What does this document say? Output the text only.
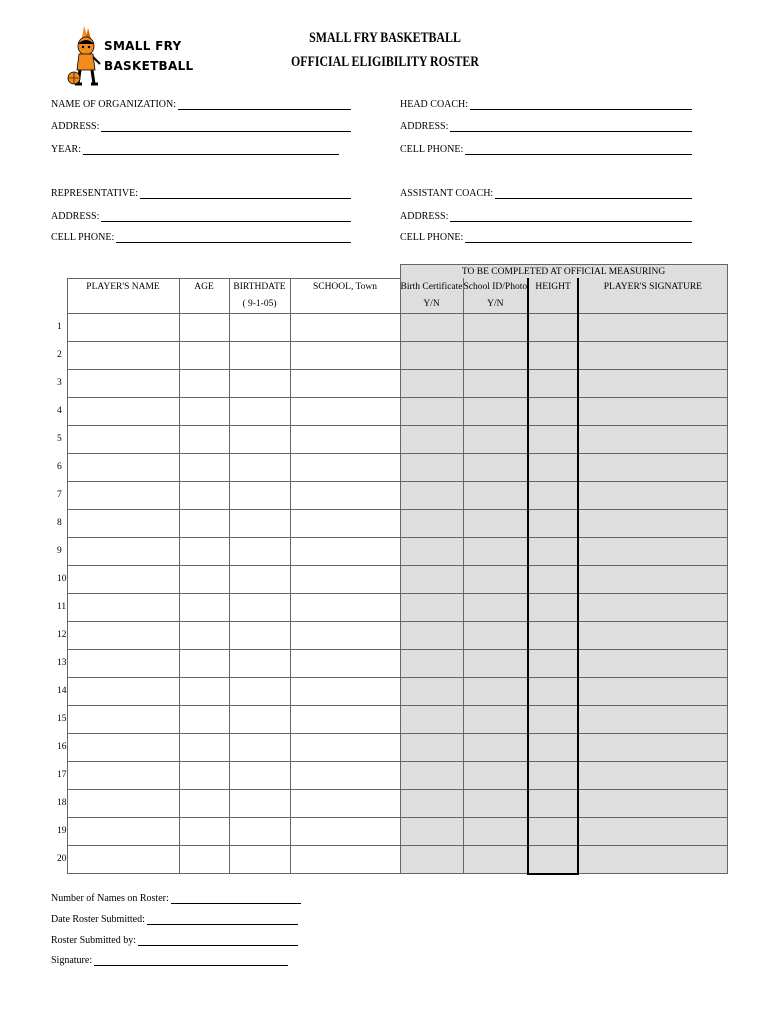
SMALL FRY
BASKETBALL
SMALL FRY BASKETBALL
OFFICIAL ELIGIBILITY ROSTER
NAME OF ORGANIZATION:
ADDRESS:
YEAR:
REPRESENTATIVE:
ADDRESS:
CELL PHONE:
HEAD COACH:
ADDRESS:
CELL PHONE:
ASSISTANT COACH:
ADDRESS:
CELL PHONE:
					TO BE COMPLETED AT OFFICIAL MEASURING			
	PLAYER'S NAME	AGE	BIRTHDATE	SCHOOL, Town	Birth Certificate	School ID/Photo	HEIGHT	PLAYER'S SIGNATURE
			( 9-1-05)		Y/N	Y/N		
1								
2								
3								
4								
5								
6								
7								
8								
9								
10								
11								
12								
13								
14								
15								
16								
17								
18								
19								
20								
Number of Names on Roster:
Date Roster Submitted:
Roster Submitted by:
Signature:
